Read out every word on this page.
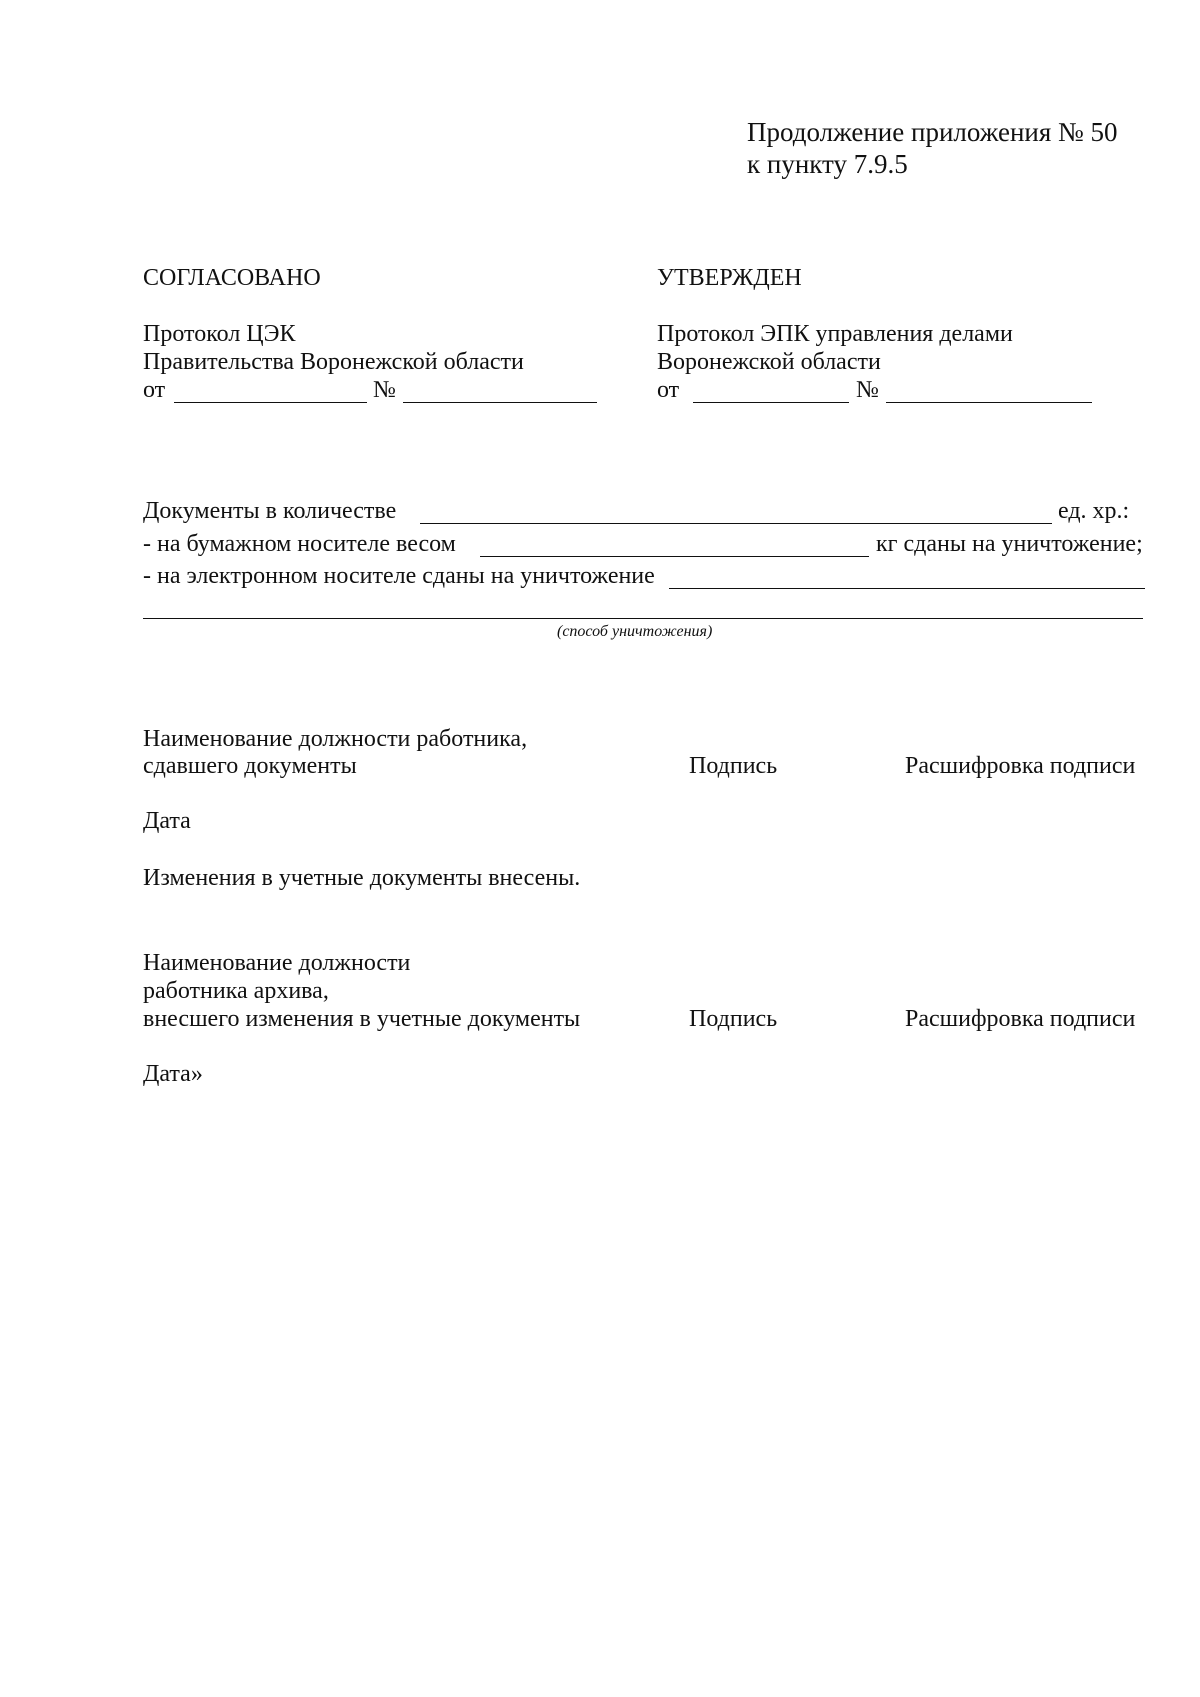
Продолжение приложения № 50
к пункту 7.9.5
СОГЛАСОВАНО
Протокол ЦЭК
Правительства Воронежской области
от	№
УТВЕРЖДЕН
Протокол ЭПК управления делами
Воронежской области
от	№
Документы в количестве	ед. хр.:
- на бумажном носителе весом	кг сданы на уничтожение;
- на электронном носителе сданы на уничтожение
(способ уничтожения)
Наименование должности работника,
сдавшего документы	Подпись	Расшифровка подписи
Дата
Изменения в учетные документы внесены.
Наименование должности
работника архива,
внесшего изменения в учетные документы	Подпись	Расшифровка подписи
Дата»
